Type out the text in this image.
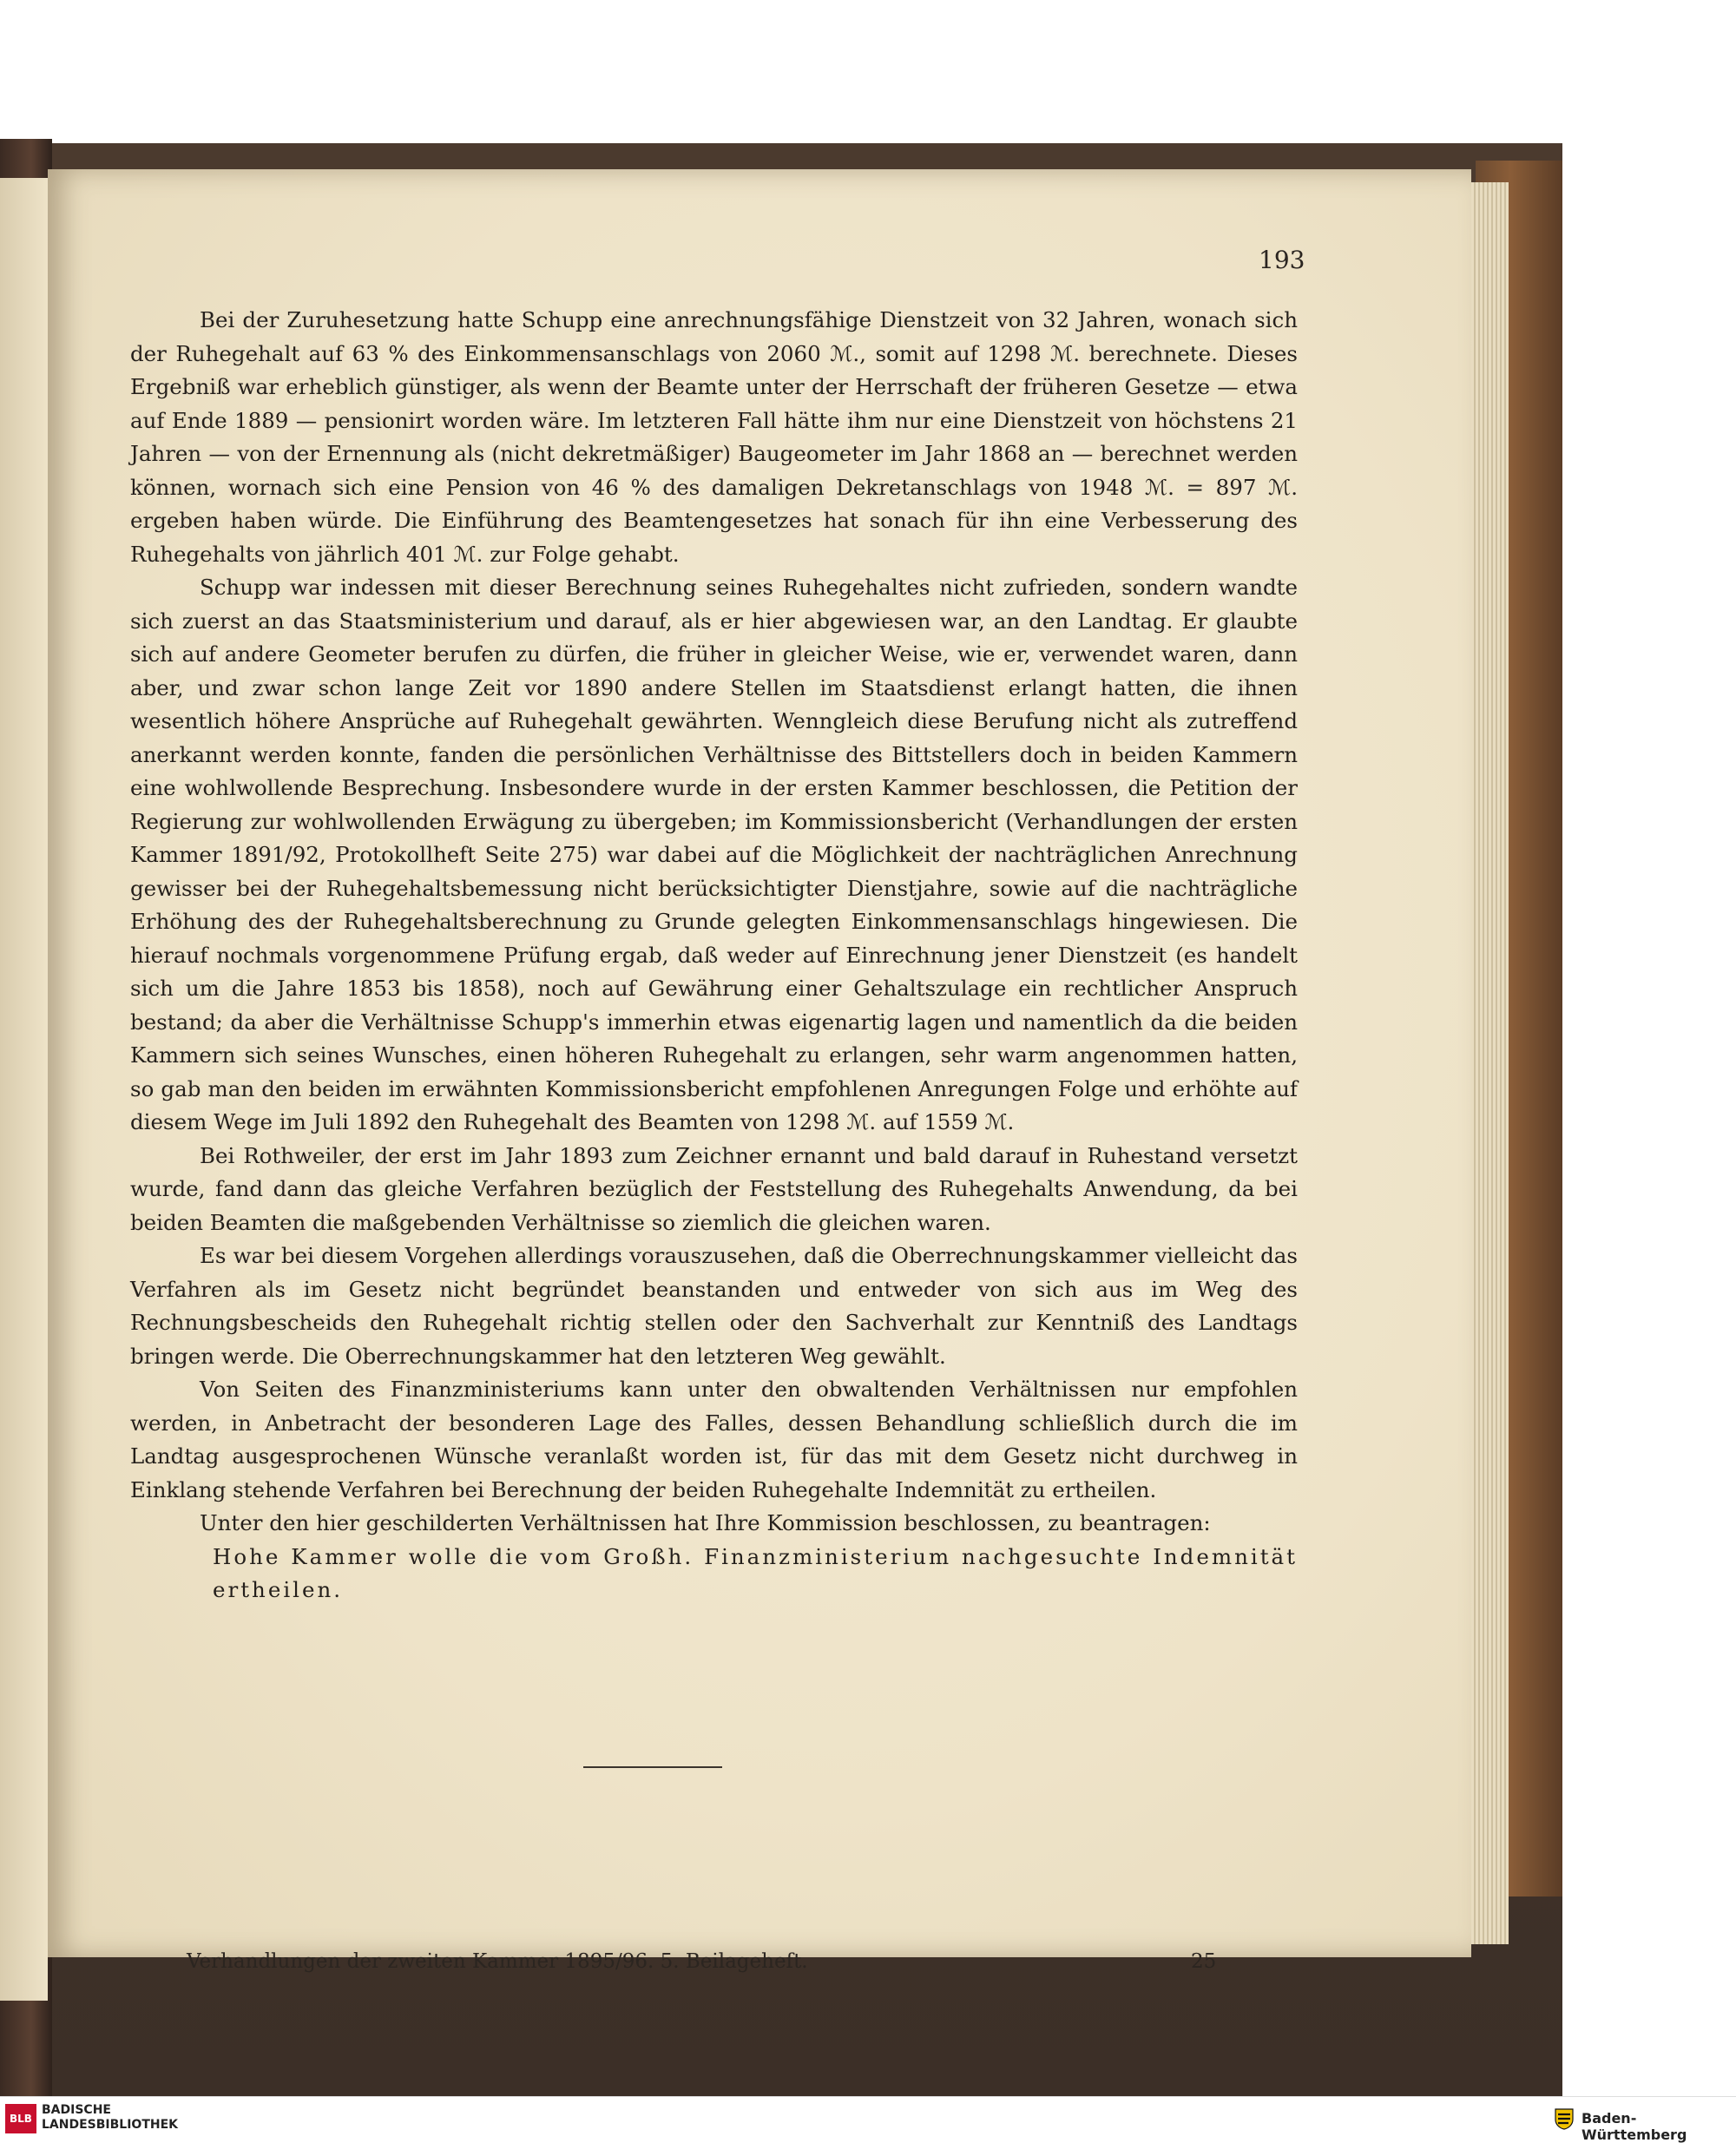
193

Bei der Zuruhesetzung hatte Schupp eine anrechnungsfähige Dienstzeit von 32 Jahren, wonach sich der Ruhegehalt auf 63 % des Einkommensanschlags von 2060 ℳ., somit auf 1298 ℳ. berechnete. Dieses Ergebniß war erheblich günstiger, als wenn der Beamte unter der Herrschaft der früheren Gesetze — etwa auf Ende 1889 — pensionirt worden wäre. Im letzteren Fall hätte ihm nur eine Dienstzeit von höchstens 21 Jahren — von der Ernennung als (nicht dekretmäßiger) Baugeometer im Jahr 1868 an — berechnet werden können, wornach sich eine Pension von 46 % des damaligen Dekretanschlags von 1948 ℳ. = 897 ℳ. ergeben haben würde. Die Einführung des Beamtengesetzes hat sonach für ihn eine Verbesserung des Ruhegehalts von jährlich 401 ℳ. zur Folge gehabt.

Schupp war indessen mit dieser Berechnung seines Ruhegehaltes nicht zufrieden, sondern wandte sich zuerst an das Staatsministerium und darauf, als er hier abgewiesen war, an den Landtag. Er glaubte sich auf andere Geometer berufen zu dürfen, die früher in gleicher Weise, wie er, verwendet waren, dann aber, und zwar schon lange Zeit vor 1890 andere Stellen im Staatsdienst erlangt hatten, die ihnen wesentlich höhere Ansprüche auf Ruhegehalt gewährten. Wenngleich diese Berufung nicht als zutreffend anerkannt werden konnte, fanden die persönlichen Verhältnisse des Bittstellers doch in beiden Kammern eine wohlwollende Besprechung. Insbesondere wurde in der ersten Kammer beschlossen, die Petition der Regierung zur wohlwollenden Erwägung zu übergeben; im Kommissionsbericht (Verhandlungen der ersten Kammer 1891/92, Protokollheft Seite 275) war dabei auf die Möglichkeit der nachträglichen Anrechnung gewisser bei der Ruhegehaltsbemessung nicht berücksichtigter Dienstjahre, sowie auf die nachträgliche Erhöhung des der Ruhegehaltsberechnung zu Grunde gelegten Einkommensanschlags hingewiesen. Die hierauf nochmals vorgenommene Prüfung ergab, daß weder auf Einrechnung jener Dienstzeit (es handelt sich um die Jahre 1853 bis 1858), noch auf Gewährung einer Gehaltszulage ein rechtlicher Anspruch bestand; da aber die Verhältnisse Schupp's immerhin etwas eigenartig lagen und namentlich da die beiden Kammern sich seines Wunsches, einen höheren Ruhegehalt zu erlangen, sehr warm angenommen hatten, so gab man den beiden im erwähnten Kommissionsbericht empfohlenen Anregungen Folge und erhöhte auf diesem Wege im Juli 1892 den Ruhegehalt des Beamten von 1298 ℳ. auf 1559 ℳ.

Bei Rothweiler, der erst im Jahr 1893 zum Zeichner ernannt und bald darauf in Ruhestand versetzt wurde, fand dann das gleiche Verfahren bezüglich der Feststellung des Ruhegehalts Anwendung, da bei beiden Beamten die maßgebenden Verhältnisse so ziemlich die gleichen waren.

Es war bei diesem Vorgehen allerdings vorauszusehen, daß die Oberrechnungskammer vielleicht das Verfahren als im Gesetz nicht begründet beanstanden und entweder von sich aus im Weg des Rechnungsbescheids den Ruhegehalt richtig stellen oder den Sachverhalt zur Kenntniß des Landtags bringen werde. Die Oberrechnungskammer hat den letzteren Weg gewählt.

Von Seiten des Finanzministeriums kann unter den obwaltenden Verhältnissen nur empfohlen werden, in Anbetracht der besonderen Lage des Falles, dessen Behandlung schließlich durch die im Landtag ausgesprochenen Wünsche veranlaßt worden ist, für das mit dem Gesetz nicht durchweg in Einklang stehende Verfahren bei Berechnung der beiden Ruhegehalte Indemnität zu ertheilen.

Unter den hier geschilderten Verhältnissen hat Ihre Kommission beschlossen, zu beantragen:

Hohe Kammer wolle die vom Großh. Finanzministerium nachgesuchte Indemnität ertheilen.

Verhandlungen der zweiten Kammer 1895/96. 5. Beilageheft.	25
BLB
BADISCHE
LANDESBIBLIOTHEK	Baden-Württemberg
